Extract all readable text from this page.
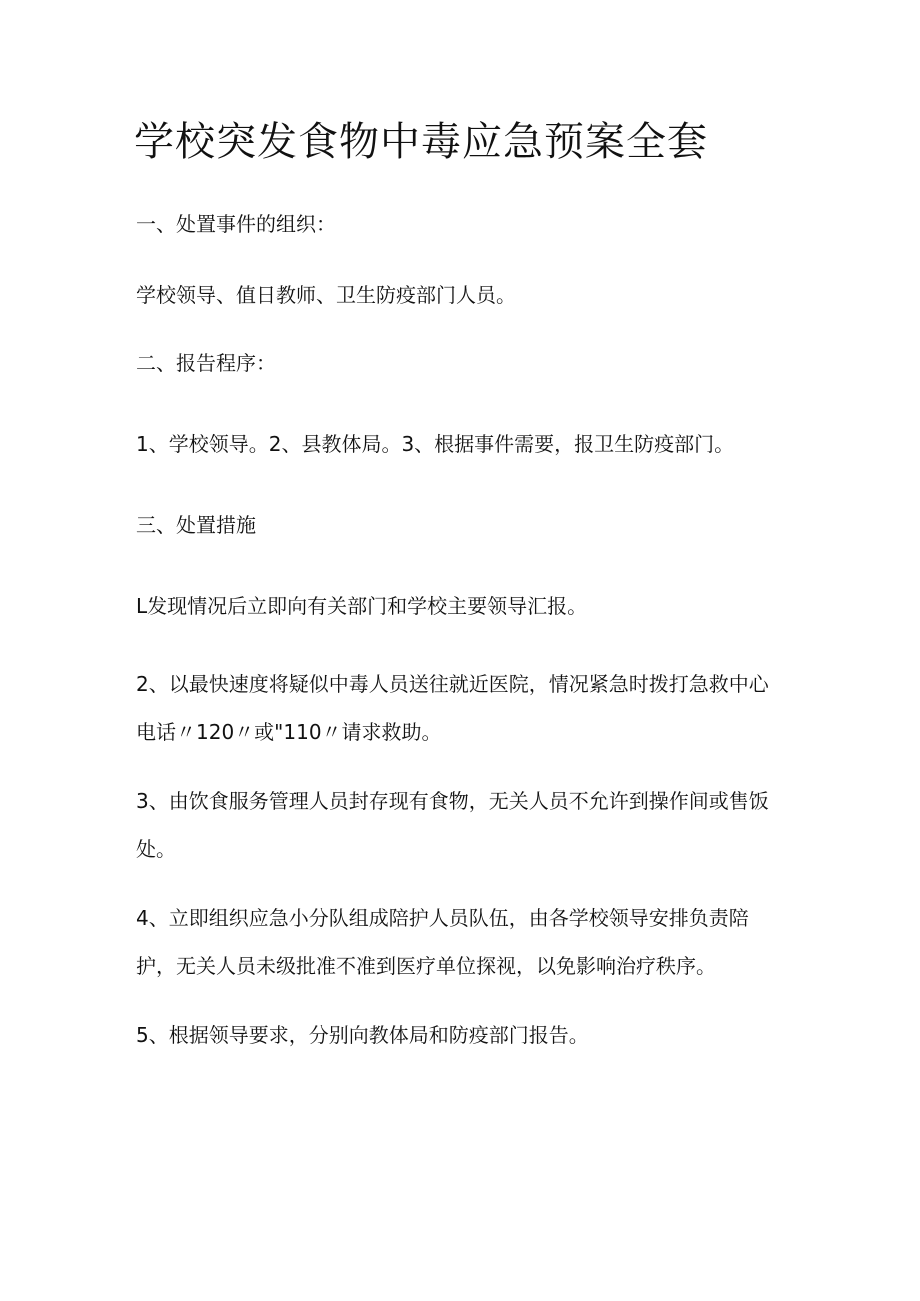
学校突发食物中毒应急预案全套

一、处置事件的组织：

学校领导、值日教师、卫生防疫部门人员。

二、报告程序：

1、学校领导。2、县教体局。3、根据事件需要，报卫生防疫部门。

三、处置措施

L发现情况后立即向有关部门和学校主要领导汇报。

2、以最快速度将疑似中毒人员送往就近医院，情况紧急时拨打急救中心电话〃120〃或"110〃请求救助。

3、由饮食服务管理人员封存现有食物，无关人员不允许到操作间或售饭处。

4、立即组织应急小分队组成陪护人员队伍，由各学校领导安排负责陪护，无关人员未级批准不准到医疗单位探视，以免影响治疗秩序。

5、根据领导要求，分别向教体局和防疫部门报告。
